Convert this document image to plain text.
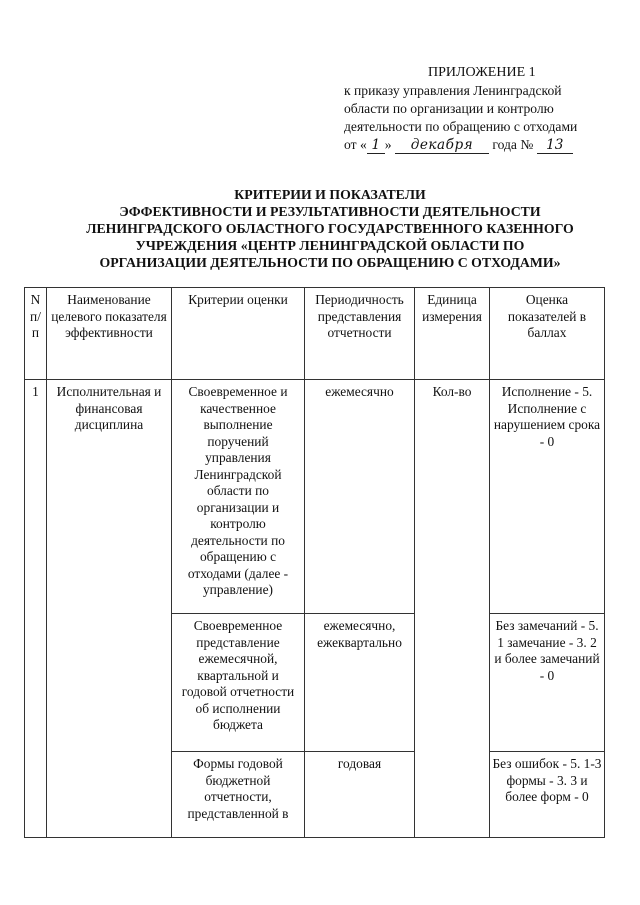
ПРИЛОЖЕНИЕ 1
к приказу управления Ленинградской
области по организации и контролю
деятельности по обращению с отходами
от « 1 » декабря года № 13
КРИТЕРИИ И ПОКАЗАТЕЛИ
ЭФФЕКТИВНОСТИ И РЕЗУЛЬТАТИВНОСТИ ДЕЯТЕЛЬНОСТИ
ЛЕНИНГРАДСКОГО ОБЛАСТНОГО ГОСУДАРСТВЕННОГО КАЗЕННОГО
УЧРЕЖДЕНИЯ «ЦЕНТР ЛЕНИНГРАДСКОЙ ОБЛАСТИ ПО
ОРГАНИЗАЦИИ ДЕЯТЕЛЬНОСТИ ПО ОБРАЩЕНИЮ С ОТХОДАМИ»
N п/п	Наименование целевого показателя эффективности	Критерии оценки	Периодичность представления отчетности	Единица измерения	Оценка показателей в баллах
1	Исполнительная и финансовая дисциплина	Своевременное и качественное выполнение поручений управления Ленинградской области по организации и контролю деятельности по обращению с отходами (далее - управление)	ежемесячно	Кол-во	Исполнение - 5. Исполнение с нарушением срока - 0
		Своевременное представление ежемесячной, квартальной и годовой отчетности об исполнении бюджета	ежемесячно, ежеквартально		Без замечаний - 5. 1 замечание - 3. 2 и более замечаний - 0
		Формы годовой бюджетной отчетности, представленной в	годовая		Без ошибок - 5. 1-3 формы - 3. 3 и более форм - 0
